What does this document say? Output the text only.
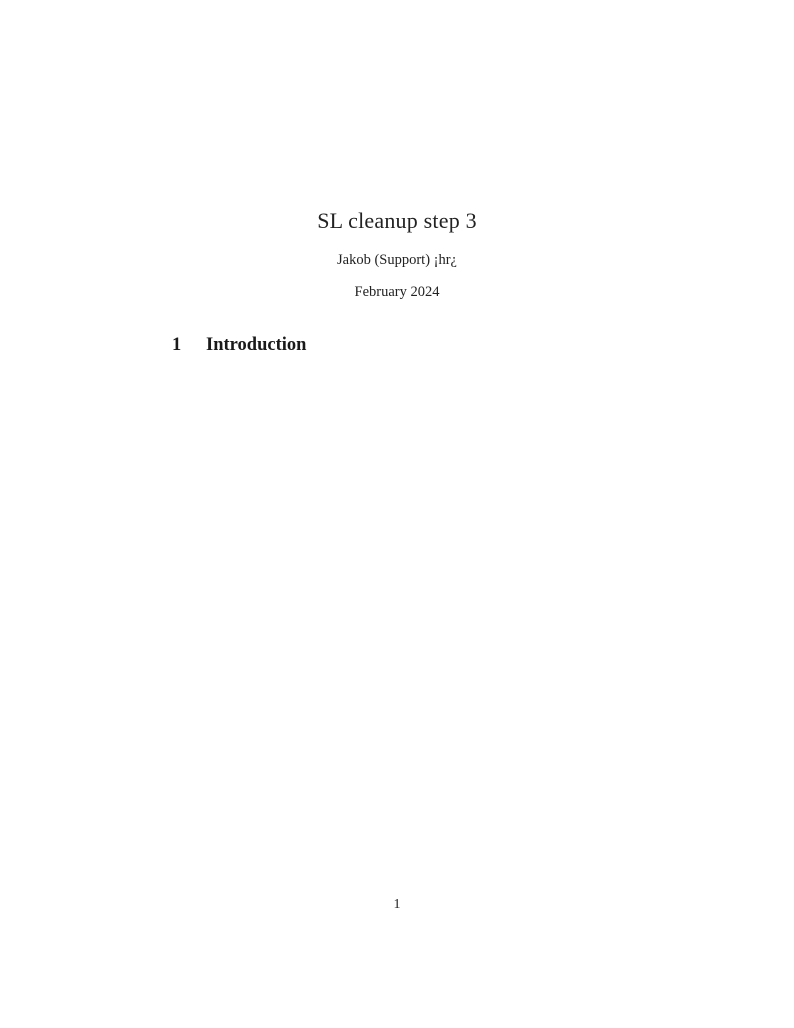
SL cleanup step 3
Jakob (Support) ¡hr¿
February 2024
1	Introduction
1
